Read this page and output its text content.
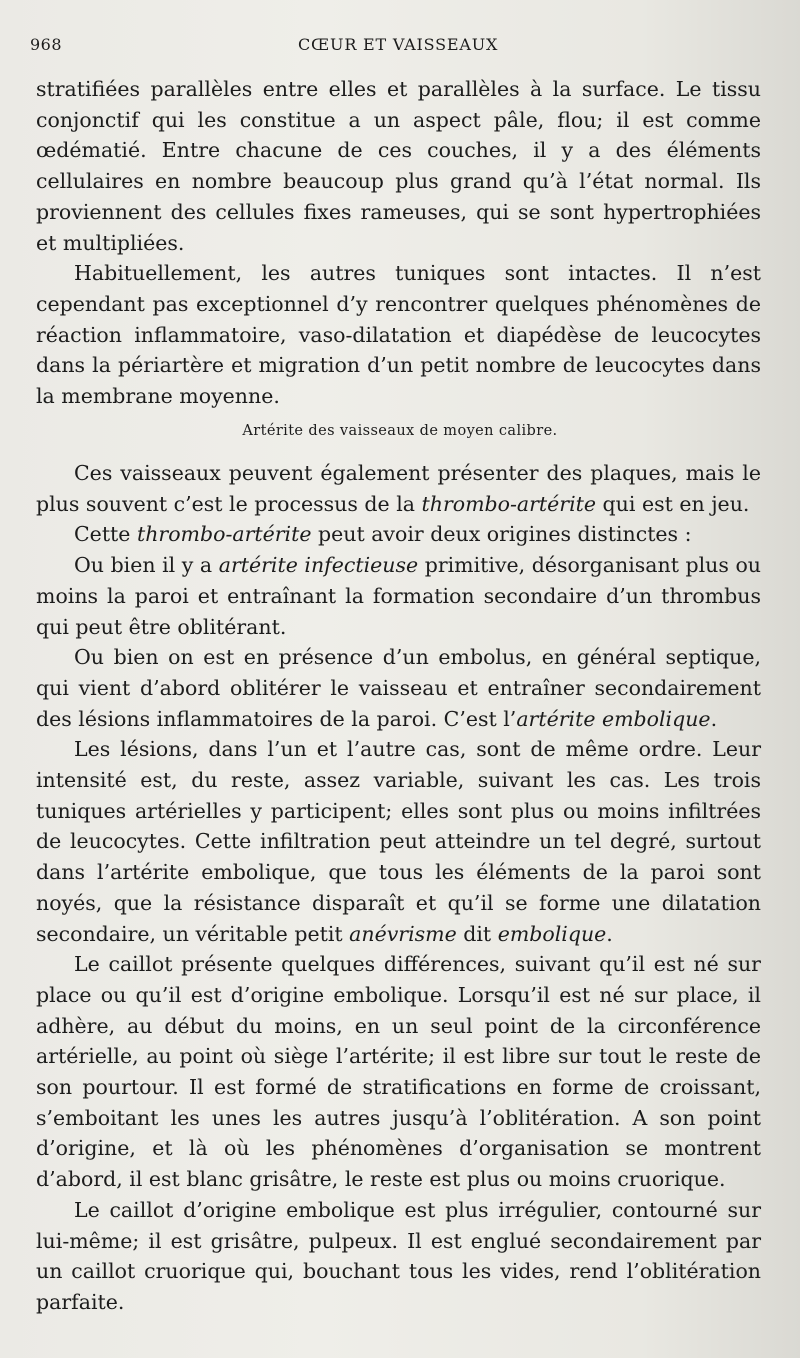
968	CŒUR ET VAISSEAUX

stratifiées parallèles entre elles et parallèles à la surface. Le tissu conjonctif qui les constitue a un aspect pâle, flou; il est comme œdématié. Entre chacune de ces couches, il y a des éléments cellulaires en nombre beaucoup plus grand qu’à l’état normal. Ils proviennent des cellules fixes rameuses, qui se sont hypertrophiées et multipliées.

Habituellement, les autres tuniques sont intactes. Il n’est cependant pas exceptionnel d’y rencontrer quelques phénomènes de réaction inflammatoire, vaso-dilatation et diapédèse de leucocytes dans la périartère et migration d’un petit nombre de leucocytes dans la membrane moyenne.

Artérite des vaisseaux de moyen calibre.

Ces vaisseaux peuvent également présenter des plaques, mais le plus souvent c’est le processus de la thrombo-artérite qui est en jeu.

Cette thrombo-artérite peut avoir deux origines distinctes :

Ou bien il y a artérite infectieuse primitive, désorganisant plus ou moins la paroi et entraînant la formation secondaire d’un thrombus qui peut être oblitérant.

Ou bien on est en présence d’un embolus, en général septique, qui vient d’abord oblitérer le vaisseau et entraîner secondairement des lésions inflammatoires de la paroi. C’est l’artérite embolique.

Les lésions, dans l’un et l’autre cas, sont de même ordre. Leur intensité est, du reste, assez variable, suivant les cas. Les trois tuniques artérielles y participent; elles sont plus ou moins infiltrées de leucocytes. Cette infiltration peut atteindre un tel degré, surtout dans l’artérite embolique, que tous les éléments de la paroi sont noyés, que la résistance disparaît et qu’il se forme une dilatation secondaire, un véritable petit anévrisme dit embolique.

Le caillot présente quelques différences, suivant qu’il est né sur place ou qu’il est d’origine embolique. Lorsqu’il est né sur place, il adhère, au début du moins, en un seul point de la circonférence artérielle, au point où siège l’artérite; il est libre sur tout le reste de son pourtour. Il est formé de stratifications en forme de croissant, s’emboitant les unes les autres jusqu’à l’oblitération. A son point d’origine, et là où les phénomènes d’organisation se montrent d’abord, il est blanc grisâtre, le reste est plus ou moins cruorique.

Le caillot d’origine embolique est plus irrégulier, contourné sur lui-même; il est grisâtre, pulpeux. Il est englué secondairement par un caillot cruorique qui, bouchant tous les vides, rend l’oblitération parfaite.
